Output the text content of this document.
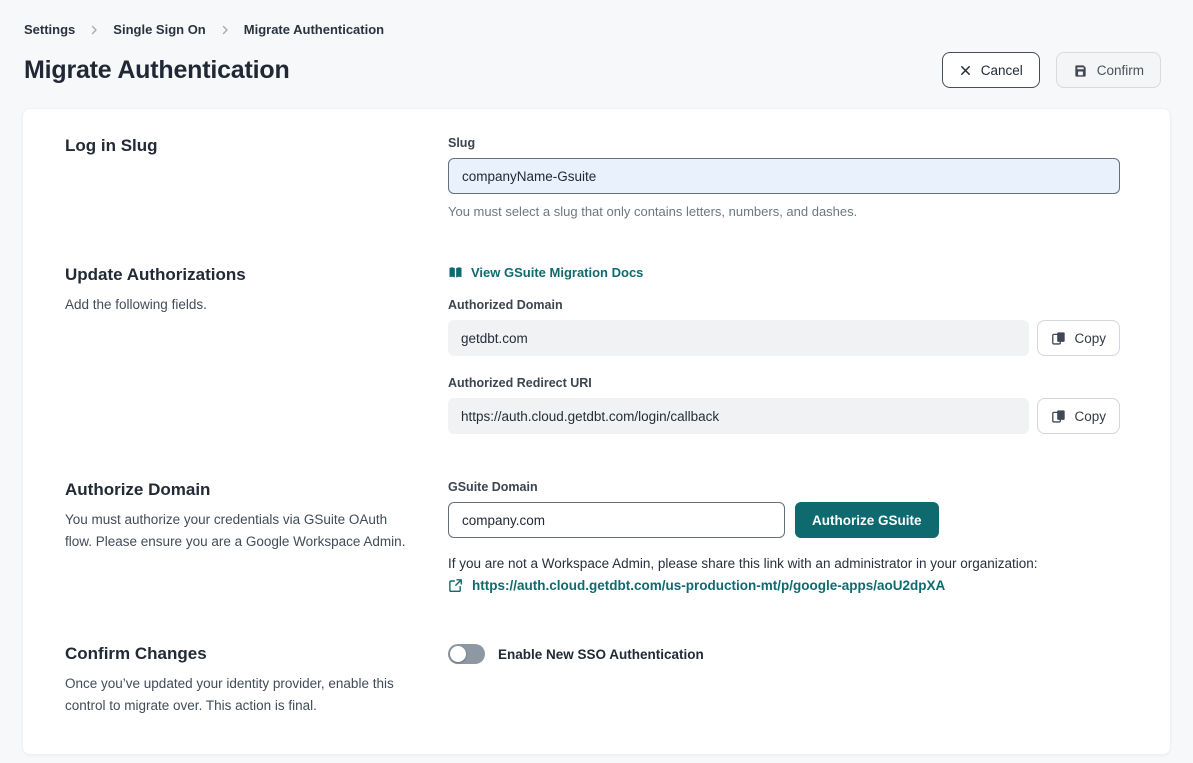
Settings	Single Sign On	Migrate Authentication
Migrate Authentication	Cancel	Confirm
Log in Slug	Slug
companyName-Gsuite

You must select a slug that only contains letters, numbers, and dashes.

Update Authorizations

Add the following fields.

View GSuite Migration Docs
Authorized Domain
getdbt.com	Copy
Authorized Redirect URI
https://auth.cloud.getdbt.com/login/callback	Copy
Authorize Domain

You must authorize your credentials via GSuite OAuth flow. Please ensure you are a Google Workspace Admin.

GSuite Domain
company.com
Authorize GSuite

If you are not a Workspace Admin, please share this link with an administrator in your organization:

https://auth.cloud.getdbt.com/us-production-mt/p/google-apps/aoU2dpXA
Confirm Changes

Once you’ve updated your identity provider, enable this control to migrate over. This action is final.

Enable New SSO Authentication
